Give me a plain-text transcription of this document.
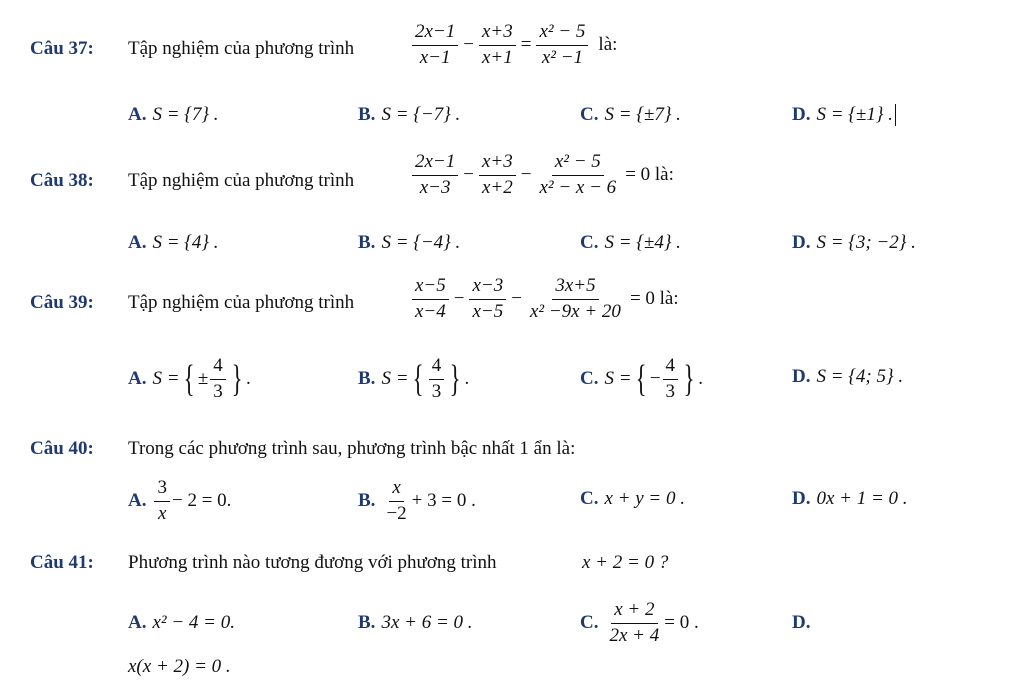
Câu 37: Tập nghiệm của phương trình	$\frac{2x-1}{x-1} - \frac{x+3}{x+1} = \frac{\text{x² − 5}}{\text{x² −1}}$ là:
A. S = {7} .	B. S = {−7} .	C. S = {±7} .	D. S = {±1} .
Câu 38: Tập nghiệm của phương trình	$\frac{2x-1}{x-3} - \frac{x+3}{x+2} - \frac{\text{x² − 5}}{\text{x² − x − 6}} = 0$ là:
A. S = {4} .	B. S = {−4} .	C. S = {±4} .	D. S = {3; −2} .
Câu 39: Tập nghiệm của phương trình	$\frac{x-5}{x-4} - \frac{x-3}{x-5} - \frac{3x+5}{\text{x² −9x + 20}} = 0$ là:
A. S = { ± $\frac{4}{3}$ } .	B. S = { $\frac{4}{3}$ } .	C. S = { − $\frac{4}{3}$ } .	D. S = {4; 5} .
Câu 40: Trong các phương trình sau, phương trình bậc nhất 1 ẩn là:
A. $\frac{3}{x} - 2 = 0$.	B. $\frac{x}{-2} + 3 = 0$ .	C. x + y = 0 .	D. 0x + 1 = 0 .
Câu 41: Phương trình nào tương đương với phương trình	x + 2 = 0 ?
A. x² − 4 = 0.	B. 3x + 6 = 0 .	C. $\frac{x + 2}{2x + 4} = 0$ .	D.
x(x + 2) = 0 .
